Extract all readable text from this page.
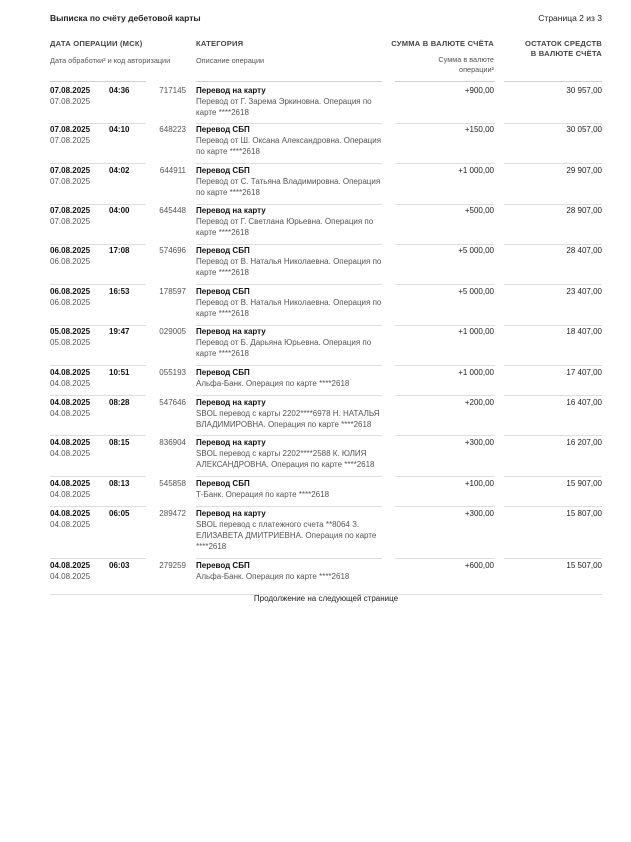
Выписка по счёту дебетовой карты	Страница 2 из 3
ДАТА ОПЕРАЦИИ (МСК)
Дата обработки² и код авторизации
КАТЕГОРИЯ
Описание операции
СУММА В ВАЛЮТЕ СЧЁТА
Сумма в валюте
операции²
ОСТАТОК СРЕДСТВ
В ВАЛЮТЕ СЧЁТА
07.08.2025
07.08.2025
04:36	717145 Перевод на карту
Перевод от Г. Зарема Эркиновна. Операция по карте ****2618
+900,00	30 957,00
07.08.2025
07.08.2025
04:10	648223 Перевод СБП
Перевод от Ш. Оксана Александровна. Операция по карте ****2618
+150,00	30 057,00
07.08.2025
07.08.2025
04:02	644911 Перевод СБП
Перевод от С. Татьяна Владимировна. Операция по карте ****2618
+1 000,00	29 907,00
07.08.2025
07.08.2025
04:00	645448 Перевод на карту
Перевод от Г. Светлана Юрьевна. Операция по карте ****2618
+500,00	28 907,00
06.08.2025
06.08.2025
17:08	574696 Перевод СБП
Перевод от В. Наталья Николаевна. Операция по карте ****2618
+5 000,00	28 407,00
06.08.2025
06.08.2025
16:53	178597 Перевод СБП
Перевод от В. Наталья Николаевна. Операция по карте ****2618
+5 000,00	23 407,00
05.08.2025
05.08.2025
19:47	029005 Перевод на карту
Перевод от Б. Дарьяна Юрьевна. Операция по карте ****2618
+1 000,00	18 407,00
04.08.2025
04.08.2025
10:51	055193 Перевод СБП
Альфа-Банк. Операция по карте ****2618
+1 000,00	17 407,00
04.08.2025
04.08.2025
08:28	547646 Перевод на карту
SBOL перевод с карты 2202****6978 Н. НАТАЛЬЯ ВЛАДИМИРОВНА. Операция по карте ****2618
+200,00	16 407,00
04.08.2025
04.08.2025
08:15	836904 Перевод на карту
SBOL перевод с карты 2202****2588 К. ЮЛИЯ АЛЕКСАНДРОВНА. Операция по карте ****2618
+300,00	16 207,00
04.08.2025
04.08.2025
08:13	545858 Перевод СБП
Т-Банк. Операция по карте ****2618
+100,00	15 907,00
04.08.2025
04.08.2025
06:05	289472 Перевод на карту
SBOL перевод с платежного счета **8064 З. ЕЛИЗАВЕТА ДМИТРИЕВНА. Операция по карте ****2618
+300,00	15 807,00
04.08.2025
04.08.2025
06:03	279259 Перевод СБП
Альфа-Банк. Операция по карте ****2618
+600,00	15 507,00
Продолжение на следующей странице
